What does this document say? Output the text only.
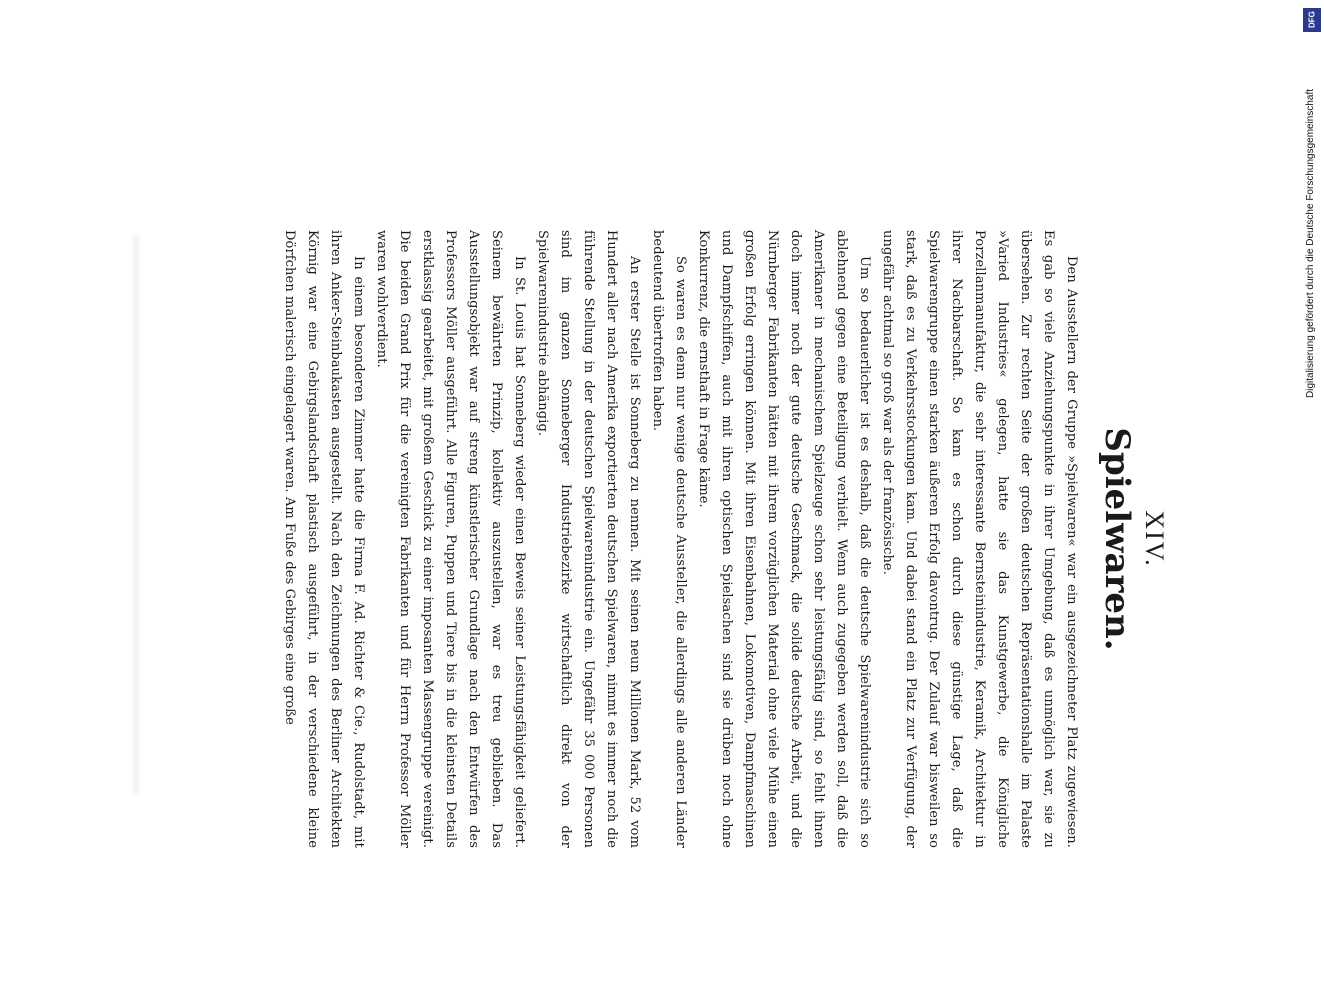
XIV.
Spielwaren.

Den Ausstellern der Gruppe »Spielwaren« war ein ausgezeichneter Platz zugewiesen. Es gab so viele Anziehungspunkte in ihrer Umgebung, daß es unmöglich war, sie zu übersehen. Zur rechten Seite der großen deutschen Repräsentationshalle im Palaste »Varied Industries« gelegen, hatte sie das Kunstgewerbe, die Königliche Porzellanmanufaktur, die sehr interessante Bernsteinindustrie, Keramik, Architektur in ihrer Nachbarschaft. So kam es schon durch diese günstige Lage, daß die Spielwarengruppe einen starken äußeren Erfolg davontrug. Der Zulauf war bisweilen so stark, daß es zu Verkehrsstockungen kam. Und dabei stand ein Platz zur Verfügung, der ungefähr achtmal so groß war als der französische.

Um so bedauerlicher ist es deshalb, daß die deutsche Spielwarenindustrie sich so ablehnend gegen eine Beteiligung verhielt. Wenn auch zugegeben werden soll, daß die Amerikaner in mechanischem Spielzeuge schon sehr leistungsfähig sind, so fehlt ihnen doch immer noch der gute deutsche Geschmack, die solide deutsche Arbeit, und die Nürnberger Fabrikanten hätten mit ihrem vorzüglichen Material ohne viele Mühe einen großen Erfolg erringen können. Mit ihren Eisenbahnen, Lokomotiven, Dampfmaschinen und Dampfschiffen, auch mit ihren optischen Spielsachen sind sie drüben noch ohne Konkurrenz, die ernsthaft in Frage käme.

So waren es denn nur wenige deutsche Aussteller, die allerdings alle anderen Länder bedeutend übertroffen haben.

An erster Stelle ist Sonneberg zu nennen. Mit seinen neun Millionen Mark, 52 vom Hundert aller nach Amerika exportierten deutschen Spielwaren, nimmt es immer noch die führende Stellung in der deutschen Spielwarenindustrie ein. Ungefähr 35 000 Personen sind im ganzen Sonneberger Industriebezirke wirtschaftlich direkt von der Spielwarenindustrie abhängig.

In St. Louis hat Sonneberg wieder einen Beweis seiner Leistungsfähigkeit geliefert. Seinem bewährten Prinzip, kollektiv auszustellen, war es treu geblieben. Das Ausstellungsobjekt war auf streng künstlerischer Grundlage nach den Entwürfen des Professors Möller ausgeführt. Alle Figuren, Puppen und Tiere bis in die kleinsten Details erstklassig gearbeitet, mit großem Geschick zu einer imposanten Massengruppe vereinigt. Die beiden Grand Prix für die vereinigten Fabrikanten und für Herrn Professor Möller waren wohlverdient.

In einem besonderen Zimmer hatte die Firma F. Ad. Richter & Cie., Rudolstadt, mit ihren Anker-Steinbaukasten ausgestellt. Nach den Zeichnungen des Berliner Architekten Körnig war eine Gebirgslandschaft plastisch ausgeführt, in der verschiedene kleine Dörfchen malerisch eingelagert waren. Am Fuße des Gebirges eine große

DFG
Digitalisierung gefördert durch die Deutsche Forschungsgemeinschaft
